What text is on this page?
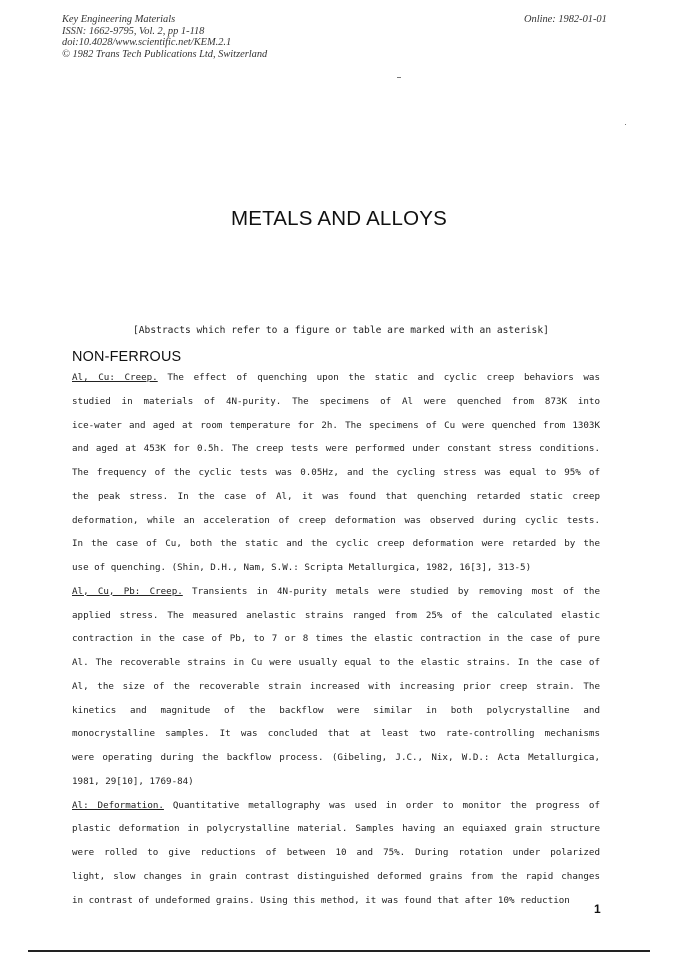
Key Engineering Materials
ISSN: 1662-9795, Vol. 2, pp 1-118
doi:10.4028/www.scientific.net/KEM.2.1
© 1982 Trans Tech Publications Ltd, Switzerland
Online: 1982-01-01
METALS AND ALLOYS
[Abstracts which refer to a figure or table are marked with an asterisk]
NON-FERROUS
Al, Cu: Creep. The effect of quenching upon the static and cyclic creep behaviors was
studied in materials of 4N-purity. The specimens of Al were quenched from 873K into
ice-water and aged at room temperature for 2h. The specimens of Cu were quenched from 1303K
and aged at 453K for 0.5h. The creep tests were performed under constant stress conditions.
The frequency of the cyclic tests was 0.05Hz, and the cycling stress was equal to 95% of
the peak stress. In the case of Al, it was found that quenching retarded static creep
deformation, while an acceleration of creep deformation was observed during cyclic tests.
In the case of Cu, both the static and the cyclic creep deformation were retarded by the
use of quenching. (Shin, D.H., Nam, S.W.: Scripta Metallurgica, 1982, 16[3], 313-5)
Al, Cu, Pb: Creep. Transients in 4N-purity metals were studied by removing most of the
applied stress. The measured anelastic strains ranged from 25% of the calculated elastic
contraction in the case of Pb, to 7 or 8 times the elastic contraction in the case of pure
Al. The recoverable strains in Cu were usually equal to the elastic strains. In the case of
Al, the size of the recoverable strain increased with increasing prior creep strain. The
kinetics and magnitude of the backflow were similar in both polycrystalline and
monocrystalline samples. It was concluded that at least two rate-controlling mechanisms
were operating during the backflow process. (Gibeling, J.C., Nix, W.D.: Acta Metallurgica,
1981, 29[10], 1769-84)
Al: Deformation. Quantitative metallography was used in order to monitor the progress of
plastic deformation in polycrystalline material. Samples having an equiaxed grain structure
were rolled to give reductions of between 10 and 75%. During rotation under polarized
light, slow changes in grain contrast distinguished deformed grains from the rapid changes
in contrast of undeformed grains. Using this method, it was found that after 10% reduction
1
